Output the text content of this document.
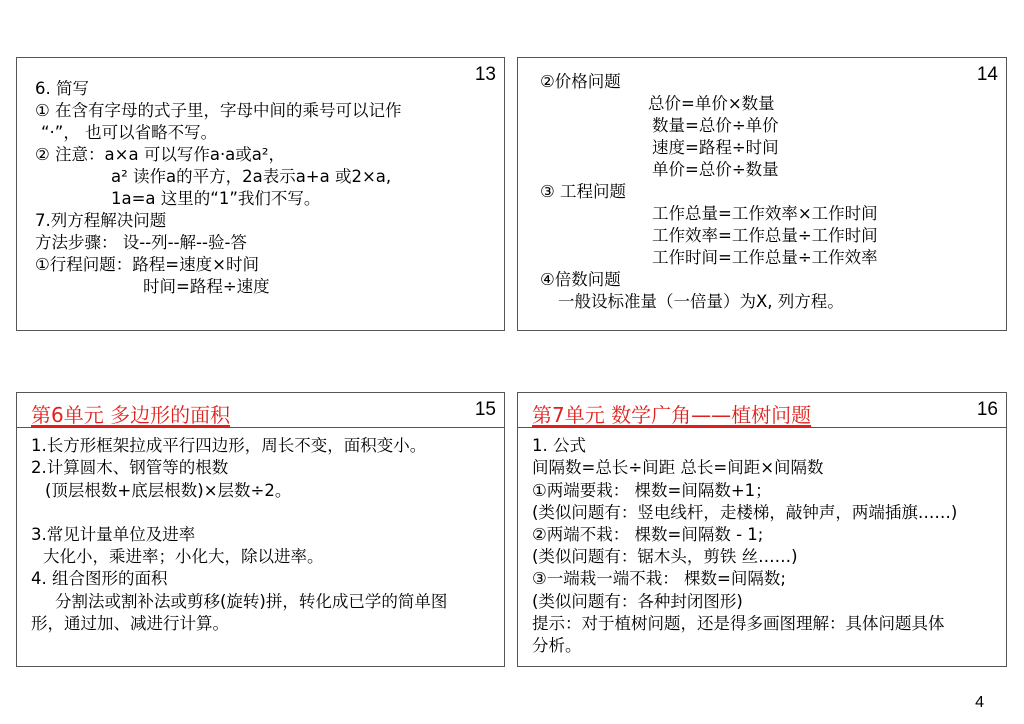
13
6. 简写
① 在含有字母的式子里，字母中间的乘号可以记作
“·”， 也可以省略不写。
② 注意：a×a 可以写作a·a或a²，
a² 读作a的平方，2a表示a+a 或2×a,
1a=a 这里的“1”我们不写。
7.列方程解决问题
方法步骤： 设--列--解--验-答
①行程问题：路程=速度×时间
时间=路程÷速度
14
②价格问题
总价=单价×数量
数量=总价÷单价
速度=路程÷时间
单价=总价÷数量
③ 工程问题
工作总量=工作效率×工作时间
工作效率=工作总量÷工作时间
工作时间=工作总量÷工作效率
④倍数问题
一般设标准量（一倍量）为X, 列方程。
15
第6单元 多边形的面积
1.长方形框架拉成平行四边形，周长不变，面积变小。
2.计算圆木、钢管等的根数
(顶层根数+底层根数)×层数÷2。
3.常见计量单位及进率
大化小，乘进率；小化大，除以进率。
4. 组合图形的面积
分割法或割补法或剪移(旋转)拼，转化成已学的简单图
形，通过加、减进行计算。
16
第7单元 数学广角——植树问题
1. 公式
间隔数=总长÷间距 总长=间距×间隔数
①两端要栽： 棵数=间隔数+1；
(类似问题有：竖电线杆，走楼梯，敲钟声，两端插旗……)
②两端不栽： 棵数=间隔数 - 1;
(类似问题有：锯木头，剪铁 丝……)
③一端栽一端不栽： 棵数=间隔数;
(类似问题有：各种封闭图形)
提示：对于植树问题，还是得多画图理解：具体问题具体
分析。
4
